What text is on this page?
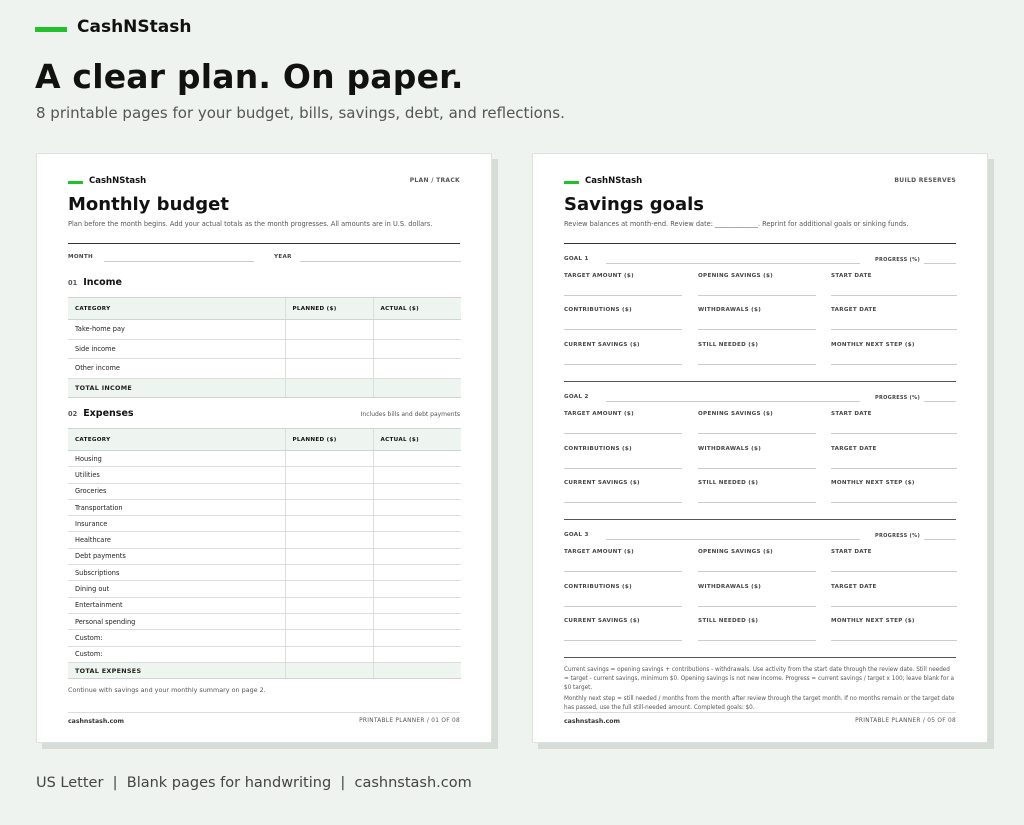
CashNStash
A clear plan. On paper.
8 printable pages for your budget, bills, savings, debt, and reflections.
CashNStash	PLAN / TRACK
Monthly budget
Plan before the month begins. Add your actual totals as the month progresses. All amounts are in U.S. dollars.
MONTH	YEAR
01 Income
CATEGORY	PLANNED ($)	ACTUAL ($)
Take-home pay		
Side income		
Other income		
TOTAL INCOME		
02 Expenses	Includes bills and debt payments
CATEGORY	PLANNED ($)	ACTUAL ($)
Housing		
Utilities		
Groceries		
Transportation		
Insurance		
Healthcare		
Debt payments		
Subscriptions		
Dining out		
Entertainment		
Personal spending		
Custom:		
Custom:		
TOTAL EXPENSES		
Continue with savings and your monthly summary on page 2.
cashnstash.com	PRINTABLE PLANNER / 01 OF 08
CashNStash	BUILD RESERVES
Savings goals
Review balances at month-end. Review date: _____________. Reprint for additional goals or sinking funds.
GOAL 1	PROGRESS (%)
TARGET AMOUNT ($)	OPENING SAVINGS ($)	START DATE
CONTRIBUTIONS ($)	WITHDRAWALS ($)	TARGET DATE
CURRENT SAVINGS ($)	STILL NEEDED ($)	MONTHLY NEXT STEP ($)
GOAL 2	PROGRESS (%)
TARGET AMOUNT ($)	OPENING SAVINGS ($)	START DATE
CONTRIBUTIONS ($)	WITHDRAWALS ($)	TARGET DATE
CURRENT SAVINGS ($)	STILL NEEDED ($)	MONTHLY NEXT STEP ($)
GOAL 3	PROGRESS (%)
TARGET AMOUNT ($)	OPENING SAVINGS ($)	START DATE
CONTRIBUTIONS ($)	WITHDRAWALS ($)	TARGET DATE
CURRENT SAVINGS ($)	STILL NEEDED ($)	MONTHLY NEXT STEP ($)

Current savings = opening savings + contributions - withdrawals. Use activity from the start date through the review date. Still needed = target - current savings, minimum $0. Opening savings is not new income. Progress = current savings / target x 100; leave blank for a $0 target.

Monthly next step = still needed / months from the month after review through the target month. If no months remain or the target date has passed, use the full still-needed amount. Completed goals: $0.

cashnstash.com	PRINTABLE PLANNER / 05 OF 08
US Letter  |  Blank pages for handwriting  |  cashnstash.com
